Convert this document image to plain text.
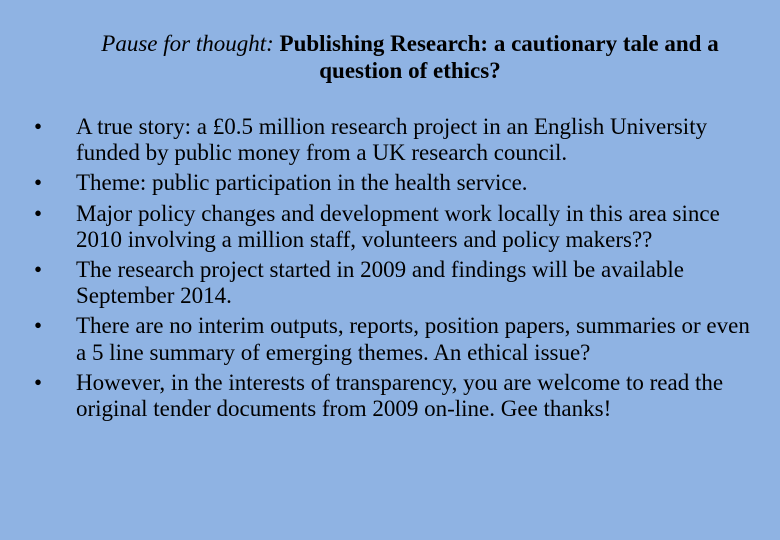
Pause for thought: Publishing Research: a cautionary tale and a question of ethics?
• A true story: a £0.5 million research project in an English University funded by public money from a UK research council.
• Theme: public participation in the health service.
• Major policy changes and development work locally in this area since 2010 involving a million staff, volunteers and policy makers??
• The research project started in 2009 and findings will be available September 2014.
• There are no interim outputs, reports, position papers, summaries or even a 5 line summary of emerging themes. An ethical issue?
• However, in the interests of transparency, you are welcome to read the original tender documents from 2009 on-line. Gee thanks!
